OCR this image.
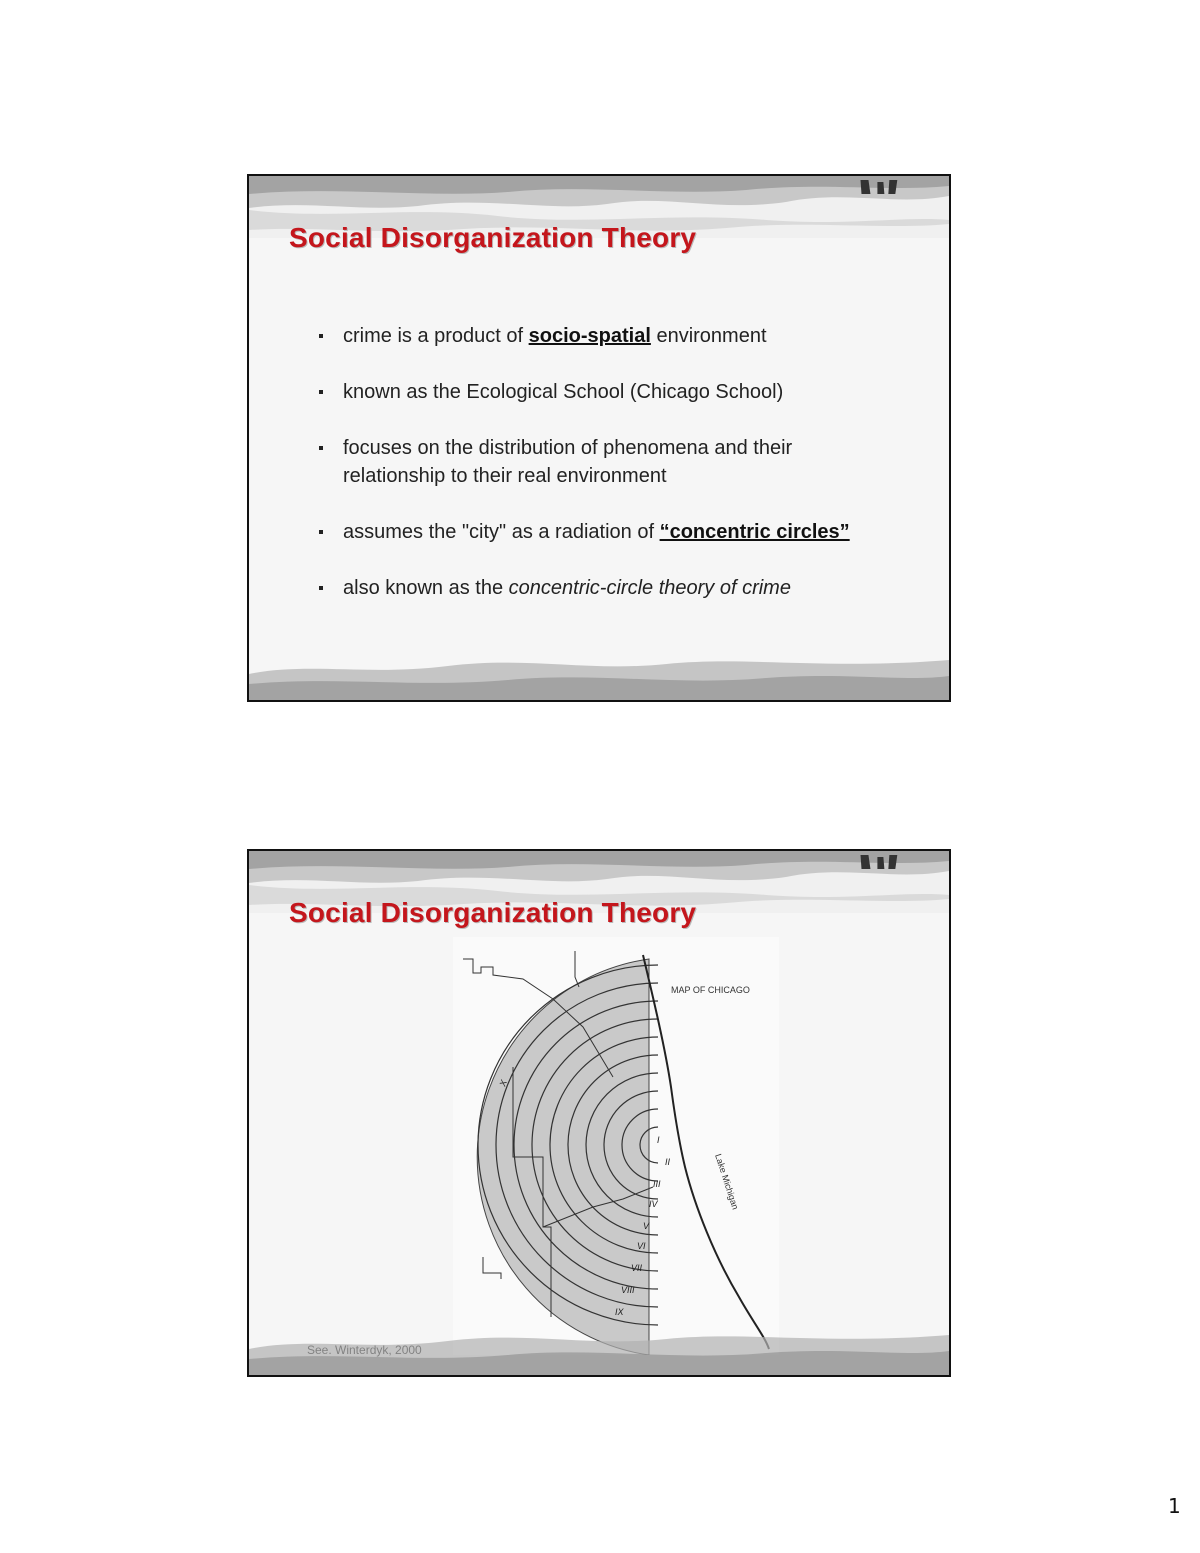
Social Disorganization Theory
crime is a product of socio-spatial environment
known as the Ecological School (Chicago School)
focuses on the distribution of phenomena and their relationship to their real environment
assumes the "city" as a radiation of “concentric circles”
also known as the concentric-circle theory of crime
Social Disorganization Theory
I
II
III
IV
V
VI
VII
VIII
IX
X
MAP OF CHICAGO
Lake Michigan
1
